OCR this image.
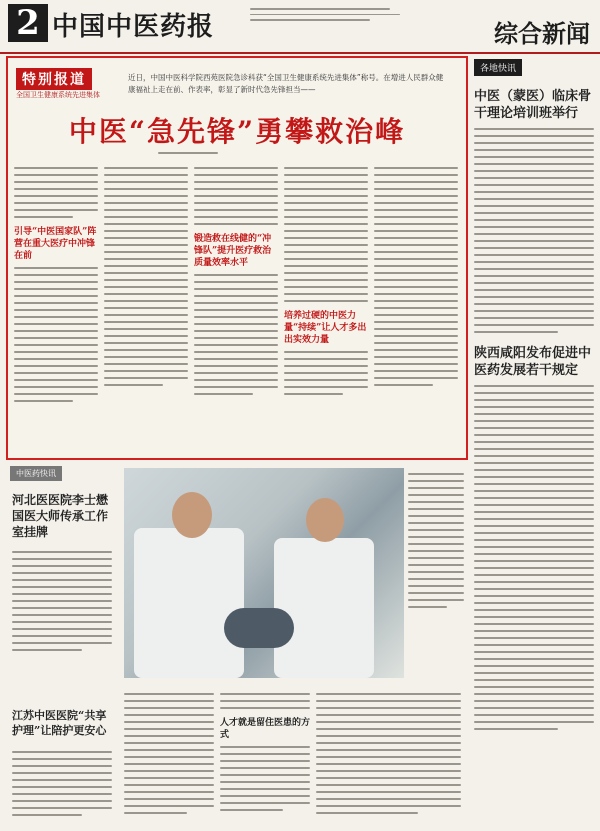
2 中国中医药报	综合新闻
特别报道
全国卫生健康系统先进集体
近日，中国中医科学院西苑医院急诊科获“全国卫生健康系统先进集体”称号。在增进人民群众健康福祉上走在前、作表率，彰显了新时代急先锋担当——
中医“急先锋”勇攀救治峰
引导“中医国家队”阵营在重大医疗中冲锋在前
锻造救在线健的“冲锋队”提升医疗救治质量效率水平
培养过硬的中医力量“持续”让人才多出出实效力量
各地快讯
中医（蒙医）临床骨干理论培训班举行
陕西咸阳发布促进中医药发展若干规定
中医药快讯
河北医医院李士懋国医大师传承工作室挂牌
江苏中医医院“共享护理”让陪护更安心
人才就是留住医患的方式
